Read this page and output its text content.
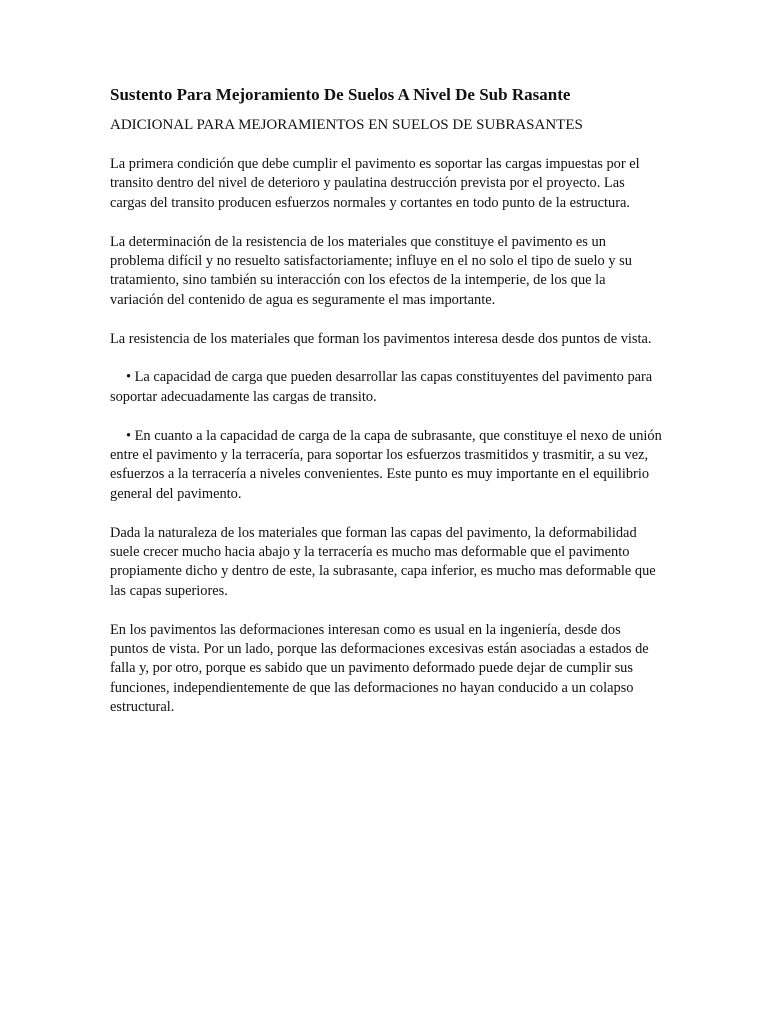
Sustento Para Mejoramiento De Suelos A Nivel De Sub Rasante
ADICIONAL PARA MEJORAMIENTOS EN SUELOS DE SUBRASANTES

La primera condición que debe cumplir el pavimento es soportar las cargas impuestas por el transito dentro del nivel de deterioro y paulatina destrucción prevista por el proyecto. Las cargas del transito producen esfuerzos normales y cortantes en todo punto de la estructura.

La determinación de la resistencia de los materiales que constituye el pavimento es un problema difícil y no resuelto satisfactoriamente; influye en el no solo el tipo de suelo y su tratamiento, sino también su interacción con los efectos de la intemperie, de los que la variación del contenido de agua es seguramente el mas importante.

La resistencia de los materiales que forman los pavimentos interesa desde dos puntos de vista.

• La capacidad de carga que pueden desarrollar las capas constituyentes del pavimento para soportar adecuadamente las cargas de transito.

• En cuanto a la capacidad de carga de la capa de subrasante, que constituye el nexo de unión entre el pavimento y la terracería, para soportar los esfuerzos trasmitidos y trasmitir, a su vez, esfuerzos a la terracería a niveles convenientes. Este punto es muy importante en el equilibrio general del pavimento.

Dada la naturaleza de los materiales que forman las capas del pavimento, la deformabilidad suele crecer mucho hacia abajo y la terracería es mucho mas deformable que el pavimento propiamente dicho y dentro de este, la subrasante, capa inferior, es mucho mas deformable que las capas superiores.

En los pavimentos las deformaciones interesan como es usual en la ingeniería, desde dos puntos de vista. Por un lado, porque las deformaciones excesivas están asociadas a estados de falla y, por otro, porque es sabido que un pavimento deformado puede dejar de cumplir sus funciones, independientemente de que las deformaciones no hayan conducido a un colapso estructural.
